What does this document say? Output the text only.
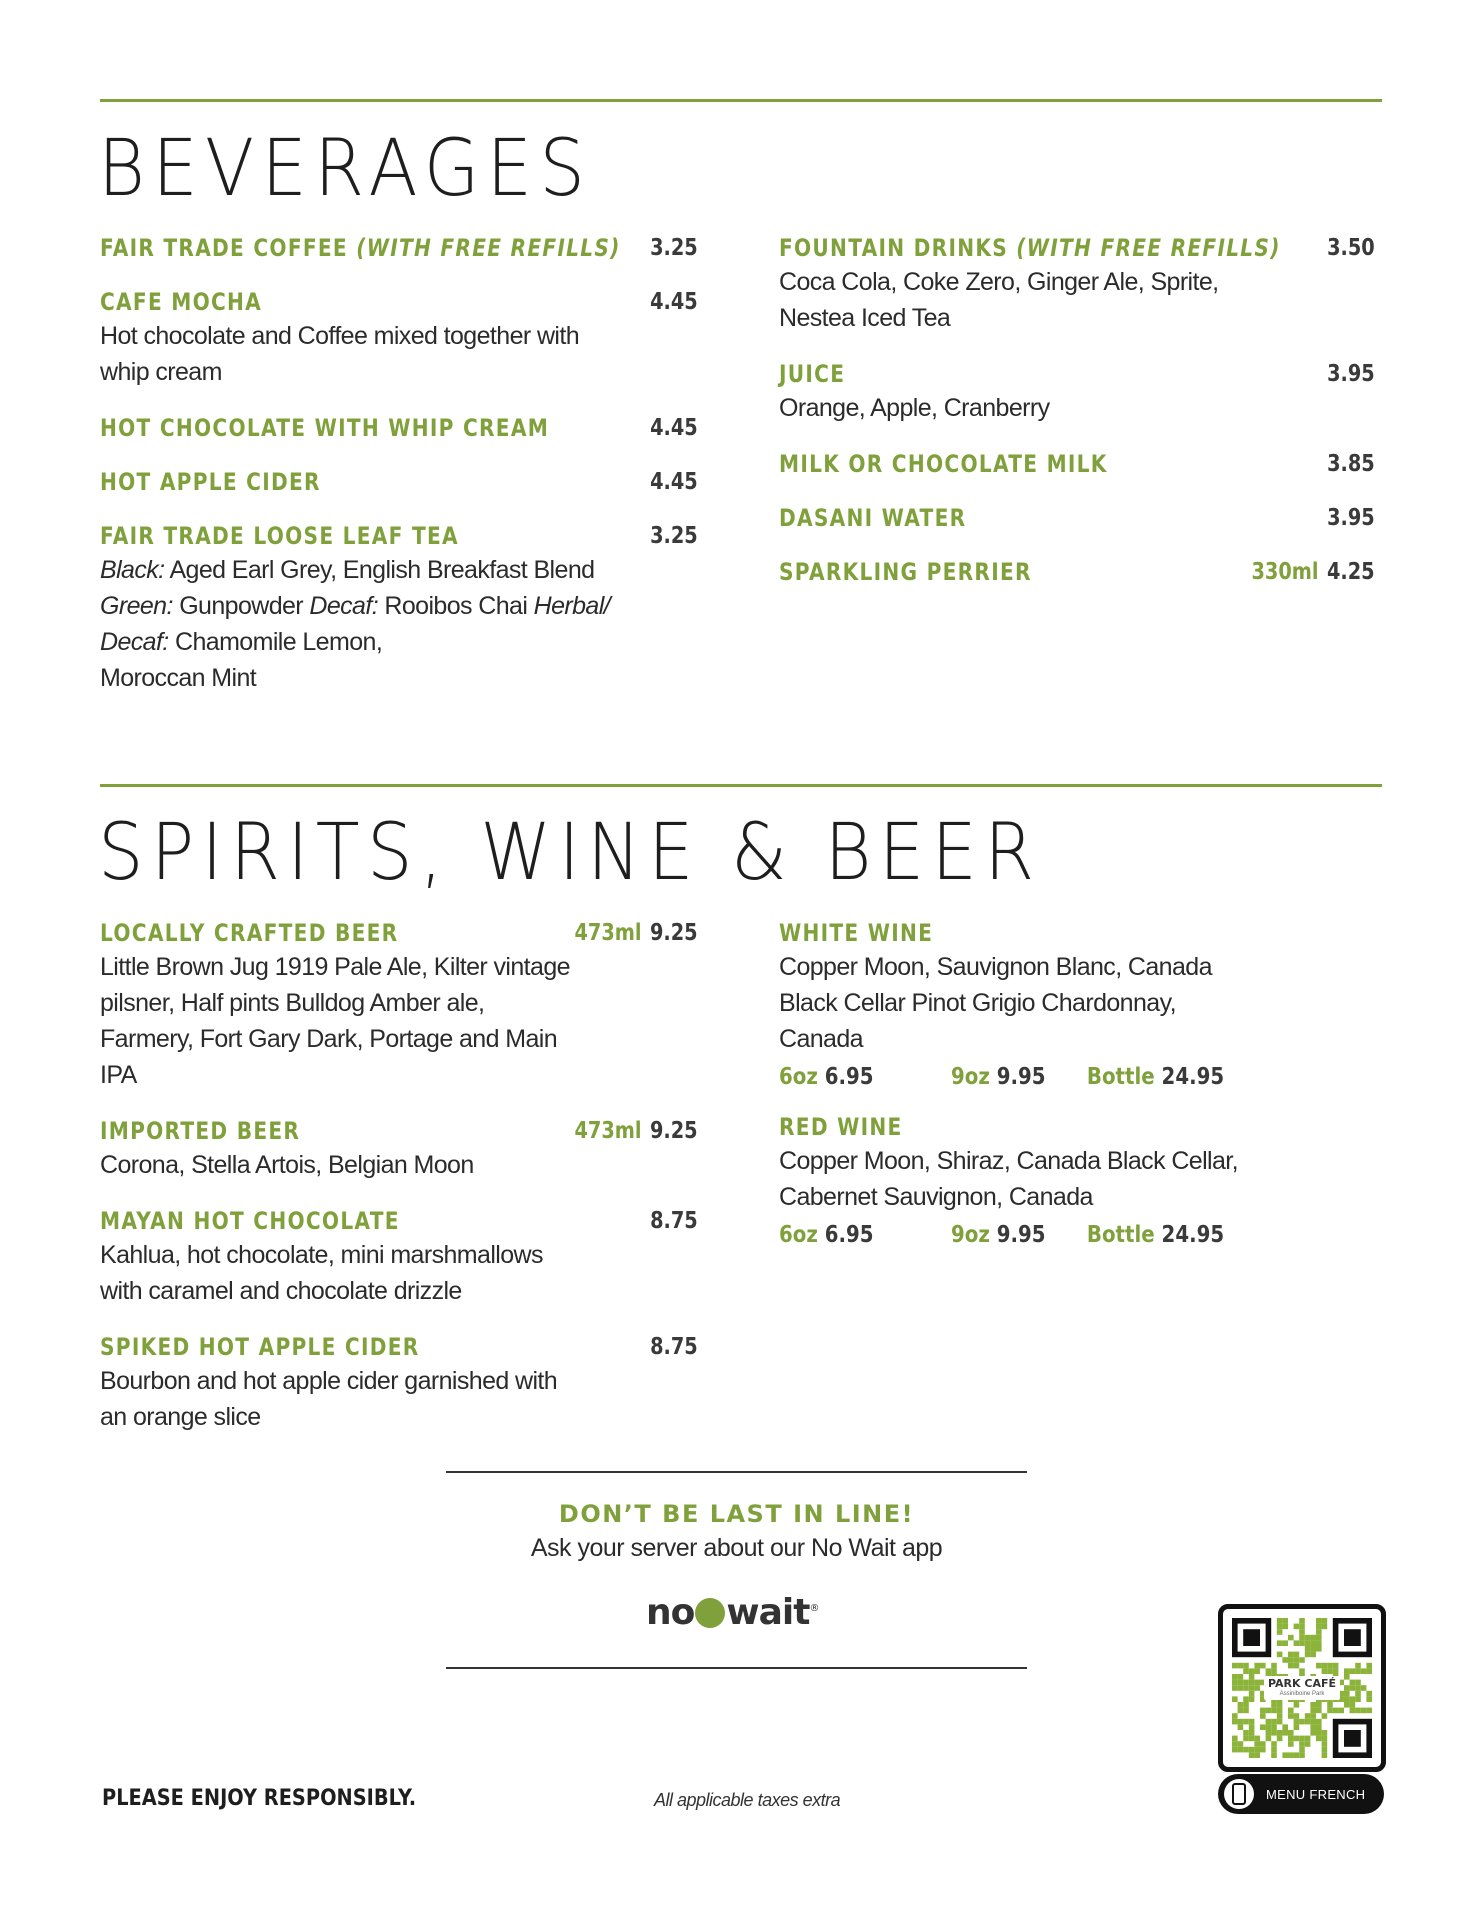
BEVERAGES
FAIR TRADE COFFEE (WITH FREE REFILLS) 3.25
CAFE MOCHA	4.45
Hot chocolate and Coffee mixed together with whip cream
HOT CHOCOLATE WITH WHIP CREAM	4.45
HOT APPLE CIDER	4.45
FAIR TRADE LOOSE LEAF TEA	3.25
Black: Aged Earl Grey, English Breakfast Blend
Green: Gunpowder Decaf: Rooibos Chai Herbal/
Decaf: Chamomile Lemon,
Moroccan Mint
FOUNTAIN DRINKS (WITH FREE REFILLS) 3.50
Coca Cola, Coke Zero, Ginger Ale, Sprite, Nestea Iced Tea
JUICE	3.95
Orange, Apple, Cranberry
MILK OR CHOCOLATE MILK	3.85
DASANI WATER	3.95
SPARKLING PERRIER	330ml 4.25
SPIRITS, WINE & BEER
LOCALLY CRAFTED BEER	473ml 9.25
Little Brown Jug 1919 Pale Ale, Kilter vintage pilsner, Half pints Bulldog Amber ale, Farmery, Fort Gary Dark, Portage and Main IPA
IMPORTED BEER	473ml 9.25
Corona, Stella Artois, Belgian Moon
MAYAN HOT CHOCOLATE	8.75
Kahlua, hot chocolate, mini marshmallows with caramel and chocolate drizzle
SPIKED HOT APPLE CIDER	8.75
Bourbon and hot apple cider garnished with an orange slice
WHITE WINE
Copper Moon, Sauvignon Blanc, Canada Black Cellar Pinot Grigio Chardonnay, Canada
6oz 6.95	9oz 9.95	Bottle 24.95
RED WINE
Copper Moon, Shiraz, Canada Black Cellar, Cabernet Sauvignon, Canada
6oz 6.95	9oz 9.95	Bottle 24.95
DON’T BE LAST IN LINE!
Ask your server about our No Wait app
no wait®
PLEASE ENJOY RESPONSIBLY.	All applicable taxes extra
PARK CAFÉ
Assiniboine Park
MENU FRENCH
